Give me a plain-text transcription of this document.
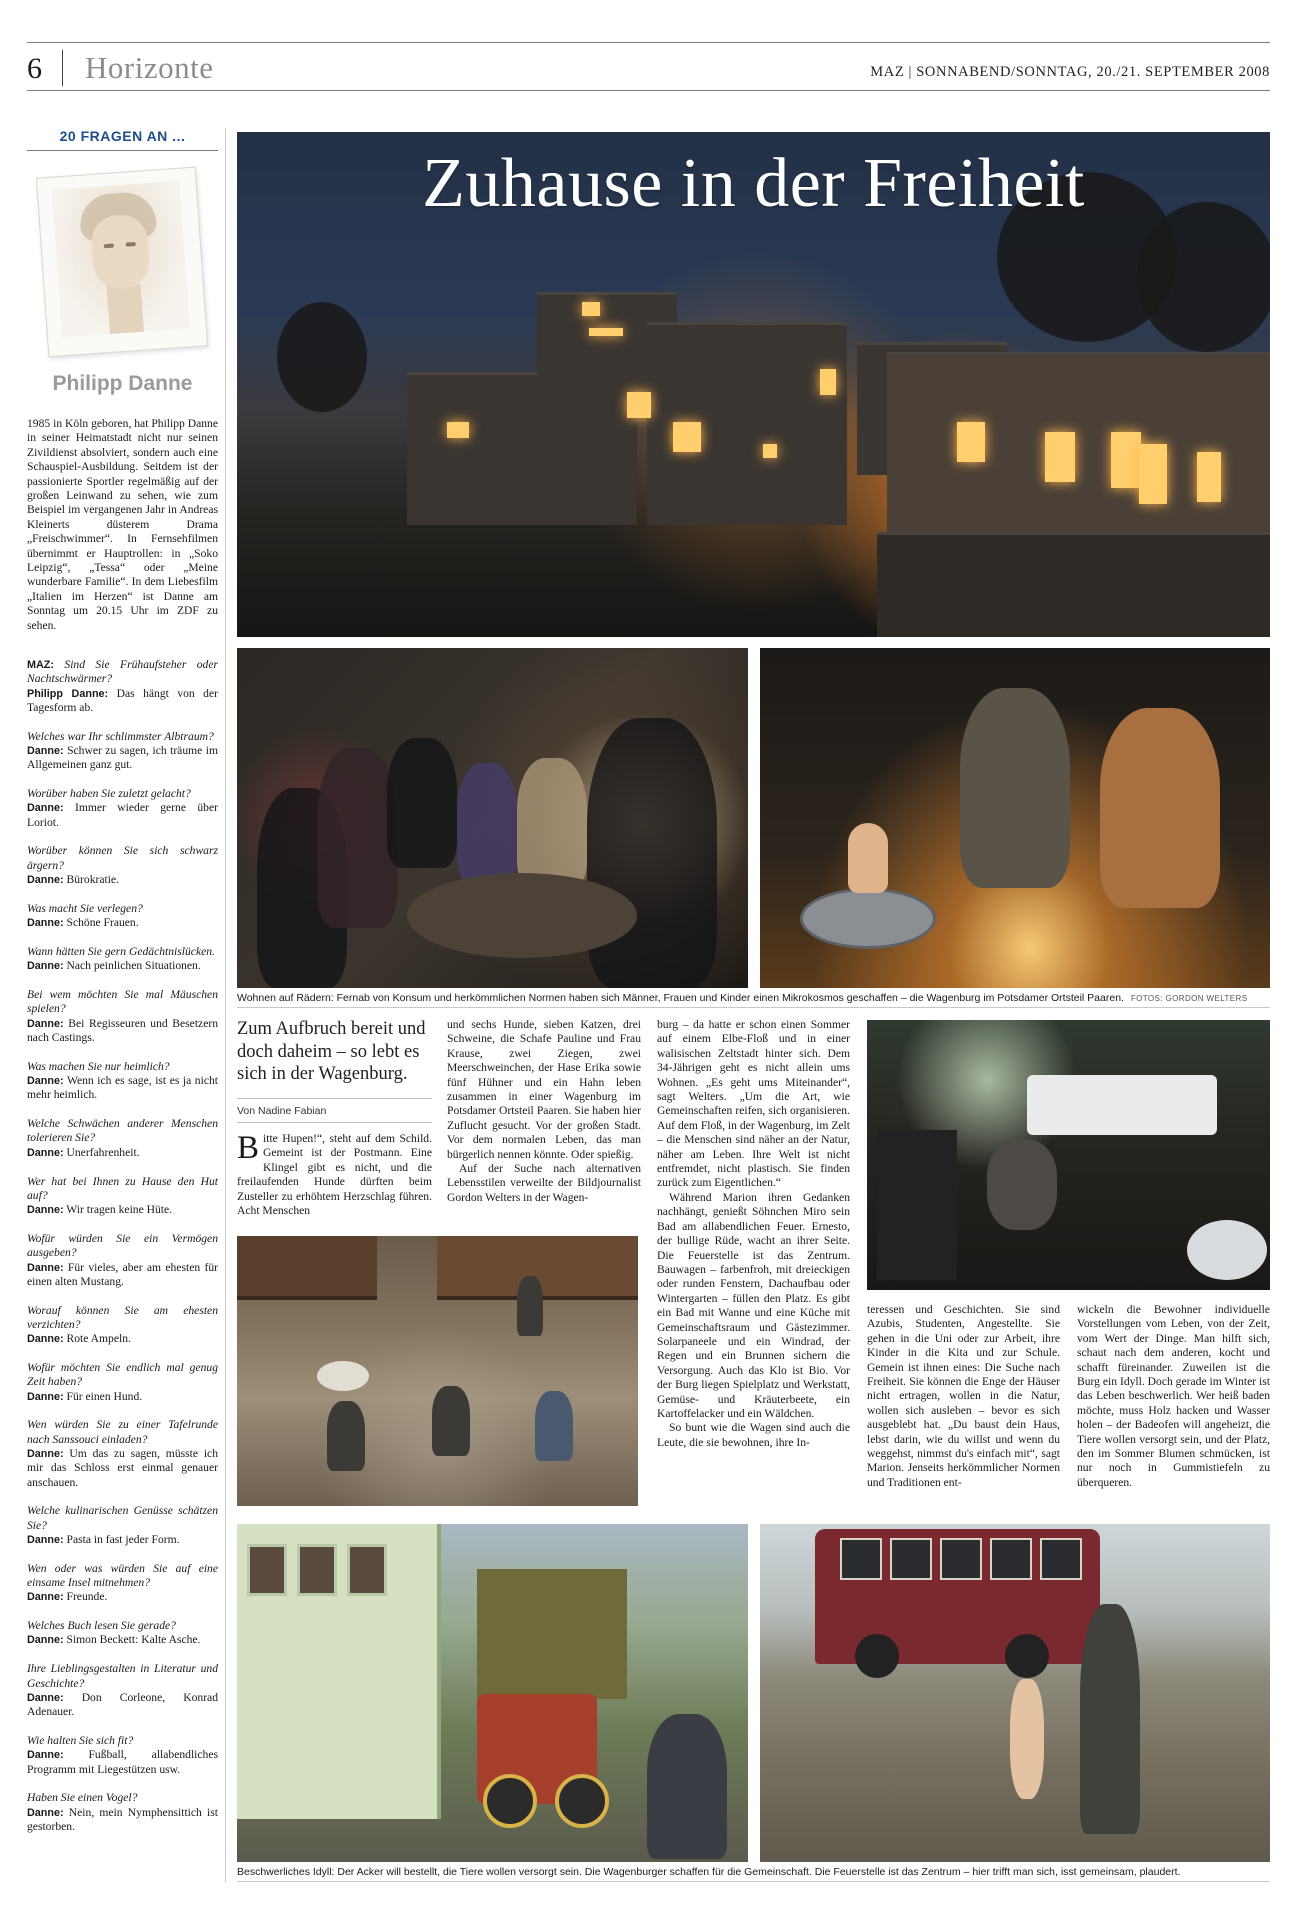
6 Horizonte	MAZ | SONNABEND/SONNTAG, 20./21. SEPTEMBER 2008
20 FRAGEN AN ...
Philipp Danne
1985 in Köln geboren, hat Philipp Danne in seiner Heimatstadt nicht nur seinen Zivildienst absolviert, sondern auch eine Schauspiel-Ausbildung. Seitdem ist der passionierte Sportler regelmäßig auf der großen Leinwand zu sehen, wie zum Beispiel im vergangenen Jahr in Andreas Kleinerts düsterem Drama „Freischwimmer“. In Fernsehfilmen übernimmt er Hauptrollen: in „Soko Leipzig“, „Tessa“ oder „Meine wunderbare Familie“. In dem Liebesfilm „Italien im Herzen“ ist Danne am Sonntag um 20.15 Uhr im ZDF zu sehen.
MAZ: Sind Sie Frühaufsteher oder Nachtschwärmer?
Philipp Danne: Das hängt von der Tagesform ab.
Welches war Ihr schlimmster Albtraum?
Danne: Schwer zu sagen, ich träume im Allgemeinen ganz gut.
Worüber haben Sie zuletzt gelacht?
Danne: Immer wieder gerne über Loriot.
Worüber können Sie sich schwarz ärgern?
Danne: Bürokratie.
Was macht Sie verlegen?
Danne: Schöne Frauen.
Wann hätten Sie gern Gedächtnislücken.
Danne: Nach peinlichen Situationen.
Bei wem möchten Sie mal Mäuschen spielen?
Danne: Bei Regisseuren und Besetzern nach Castings.
Was machen Sie nur heimlich?
Danne: Wenn ich es sage, ist es ja nicht mehr heimlich.
Welche Schwächen anderer Menschen tolerieren Sie?
Danne: Unerfahrenheit.
Wer hat bei Ihnen zu Hause den Hut auf?
Danne: Wir tragen keine Hüte.
Wofür würden Sie ein Vermögen ausgeben?
Danne: Für vieles, aber am ehesten für einen alten Mustang.
Worauf können Sie am ehesten verzichten?
Danne: Rote Ampeln.
Wofür möchten Sie endlich mal genug Zeit haben?
Danne: Für einen Hund.
Wen würden Sie zu einer Tafelrunde nach Sanssouci einladen?
Danne: Um das zu sagen, müsste ich mir das Schloss erst einmal genauer anschauen.
Welche kulinarischen Genüsse schätzen Sie?
Danne: Pasta in fast jeder Form.
Wen oder was würden Sie auf eine einsame Insel mitnehmen?
Danne: Freunde.
Welches Buch lesen Sie gerade?
Danne: Simon Beckett: Kalte Asche.
Ihre Lieblingsgestalten in Literatur und Geschichte?
Danne: Don Corleone, Konrad Adenauer.
Wie halten Sie sich fit?
Danne: Fußball, allabendliches Programm mit Liegestützen usw.
Haben Sie einen Vogel?
Danne: Nein, mein Nymphensittich ist gestorben.
Zuhause in der Freiheit
Wohnen auf Rädern: Fernab von Konsum und herkömmlichen Normen haben sich Männer, Frauen und Kinder einen Mikrokosmos geschaffen – die Wagenburg im Potsdamer Ortsteil Paaren. FOTOS: GORDON WELTERS
Zum Aufbruch bereit und doch daheim – so lebt es sich in der Wagenburg.
Von Nadine Fabian
Bitte Hupen!“, steht auf dem Schild. Gemeint ist der Postmann. Eine Klingel gibt es nicht, und die freilaufenden Hunde dürften beim Zusteller zu erhöhtem Herzschlag führen. Acht Menschen
und sechs Hunde, sieben Katzen, drei Schweine, die Schafe Pauline und Frau Krause, zwei Ziegen, zwei Meerschweinchen, der Hase Erika sowie fünf Hühner und ein Hahn leben zusammen in einer Wagenburg im Potsdamer Ortsteil Paaren. Sie haben hier Zuflucht gesucht. Vor der großen Stadt. Vor dem normalen Leben, das man bürgerlich nennen könnte. Oder spießig.
Auf der Suche nach alternativen Lebensstilen verweilte der Bildjournalist Gordon Welters in der Wagen-
burg – da hatte er schon einen Sommer auf einem Elbe-Floß und in einer walisischen Zeltstadt hinter sich. Dem 34-Jährigen geht es nicht allein ums Wohnen. „Es geht ums Miteinander“, sagt Welters. „Um die Art, wie Gemeinschaften reifen, sich organisieren. Auf dem Floß, in der Wagenburg, im Zelt – die Menschen sind näher an der Natur, näher am Leben. Ihre Welt ist nicht entfremdet, nicht plastisch. Sie finden zurück zum Eigentlichen.“
Während Marion ihren Gedanken nachhängt, genießt Söhnchen Miro sein Bad am allabendlichen Feuer. Ernesto, der bullige Rüde, wacht an ihrer Seite. Die Feuerstelle ist das Zentrum. Bauwagen – farbenfroh, mit dreieckigen oder runden Fenstern, Dachaufbau oder Wintergarten – füllen den Platz. Es gibt ein Bad mit Wanne und eine Küche mit Gemeinschaftsraum und Gästezimmer. Solarpaneele und ein Windrad, der Regen und ein Brunnen sichern die Versorgung. Auch das Klo ist Bio. Vor der Burg liegen Spielplatz und Werkstatt, Gemüse- und Kräuterbeete, ein Kartoffelacker und ein Wäldchen.
So bunt wie die Wagen sind auch die Leute, die sie bewohnen, ihre In-
teressen und Geschichten. Sie sind Azubis, Studenten, Angestellte. Sie gehen in die Uni oder zur Arbeit, ihre Kinder in die Kita und zur Schule. Gemein ist ihnen eines: Die Suche nach Freiheit. Sie können die Enge der Häuser nicht ertragen, wollen in die Natur, wollen sich ausleben – bevor es sich ausgeblebt hat. „Du baust dein Haus, lebst darin, wie du willst und wenn du weggehst, nimmst du's einfach mit“, sagt Marion. Jenseits herkömmlicher Normen und Traditionen ent-
wickeln die Bewohner individuelle Vorstellungen vom Leben, von der Zeit, vom Wert der Dinge. Man hilft sich, schaut nach dem anderen, kocht und schafft füreinander. Zuweilen ist die Burg ein Idyll. Doch gerade im Winter ist das Leben beschwerlich. Wer heiß baden möchte, muss Holz hacken und Wasser holen – der Badeofen will angeheizt, die Tiere wollen versorgt sein, und der Platz, den im Sommer Blumen schmücken, ist nur noch in Gummistiefeln zu überqueren.
Beschwerliches Idyll: Der Acker will bestellt, die Tiere wollen versorgt sein. Die Wagenburger schaffen für die Gemeinschaft. Die Feuerstelle ist das Zentrum – hier trifft man sich, isst gemeinsam, plaudert.
